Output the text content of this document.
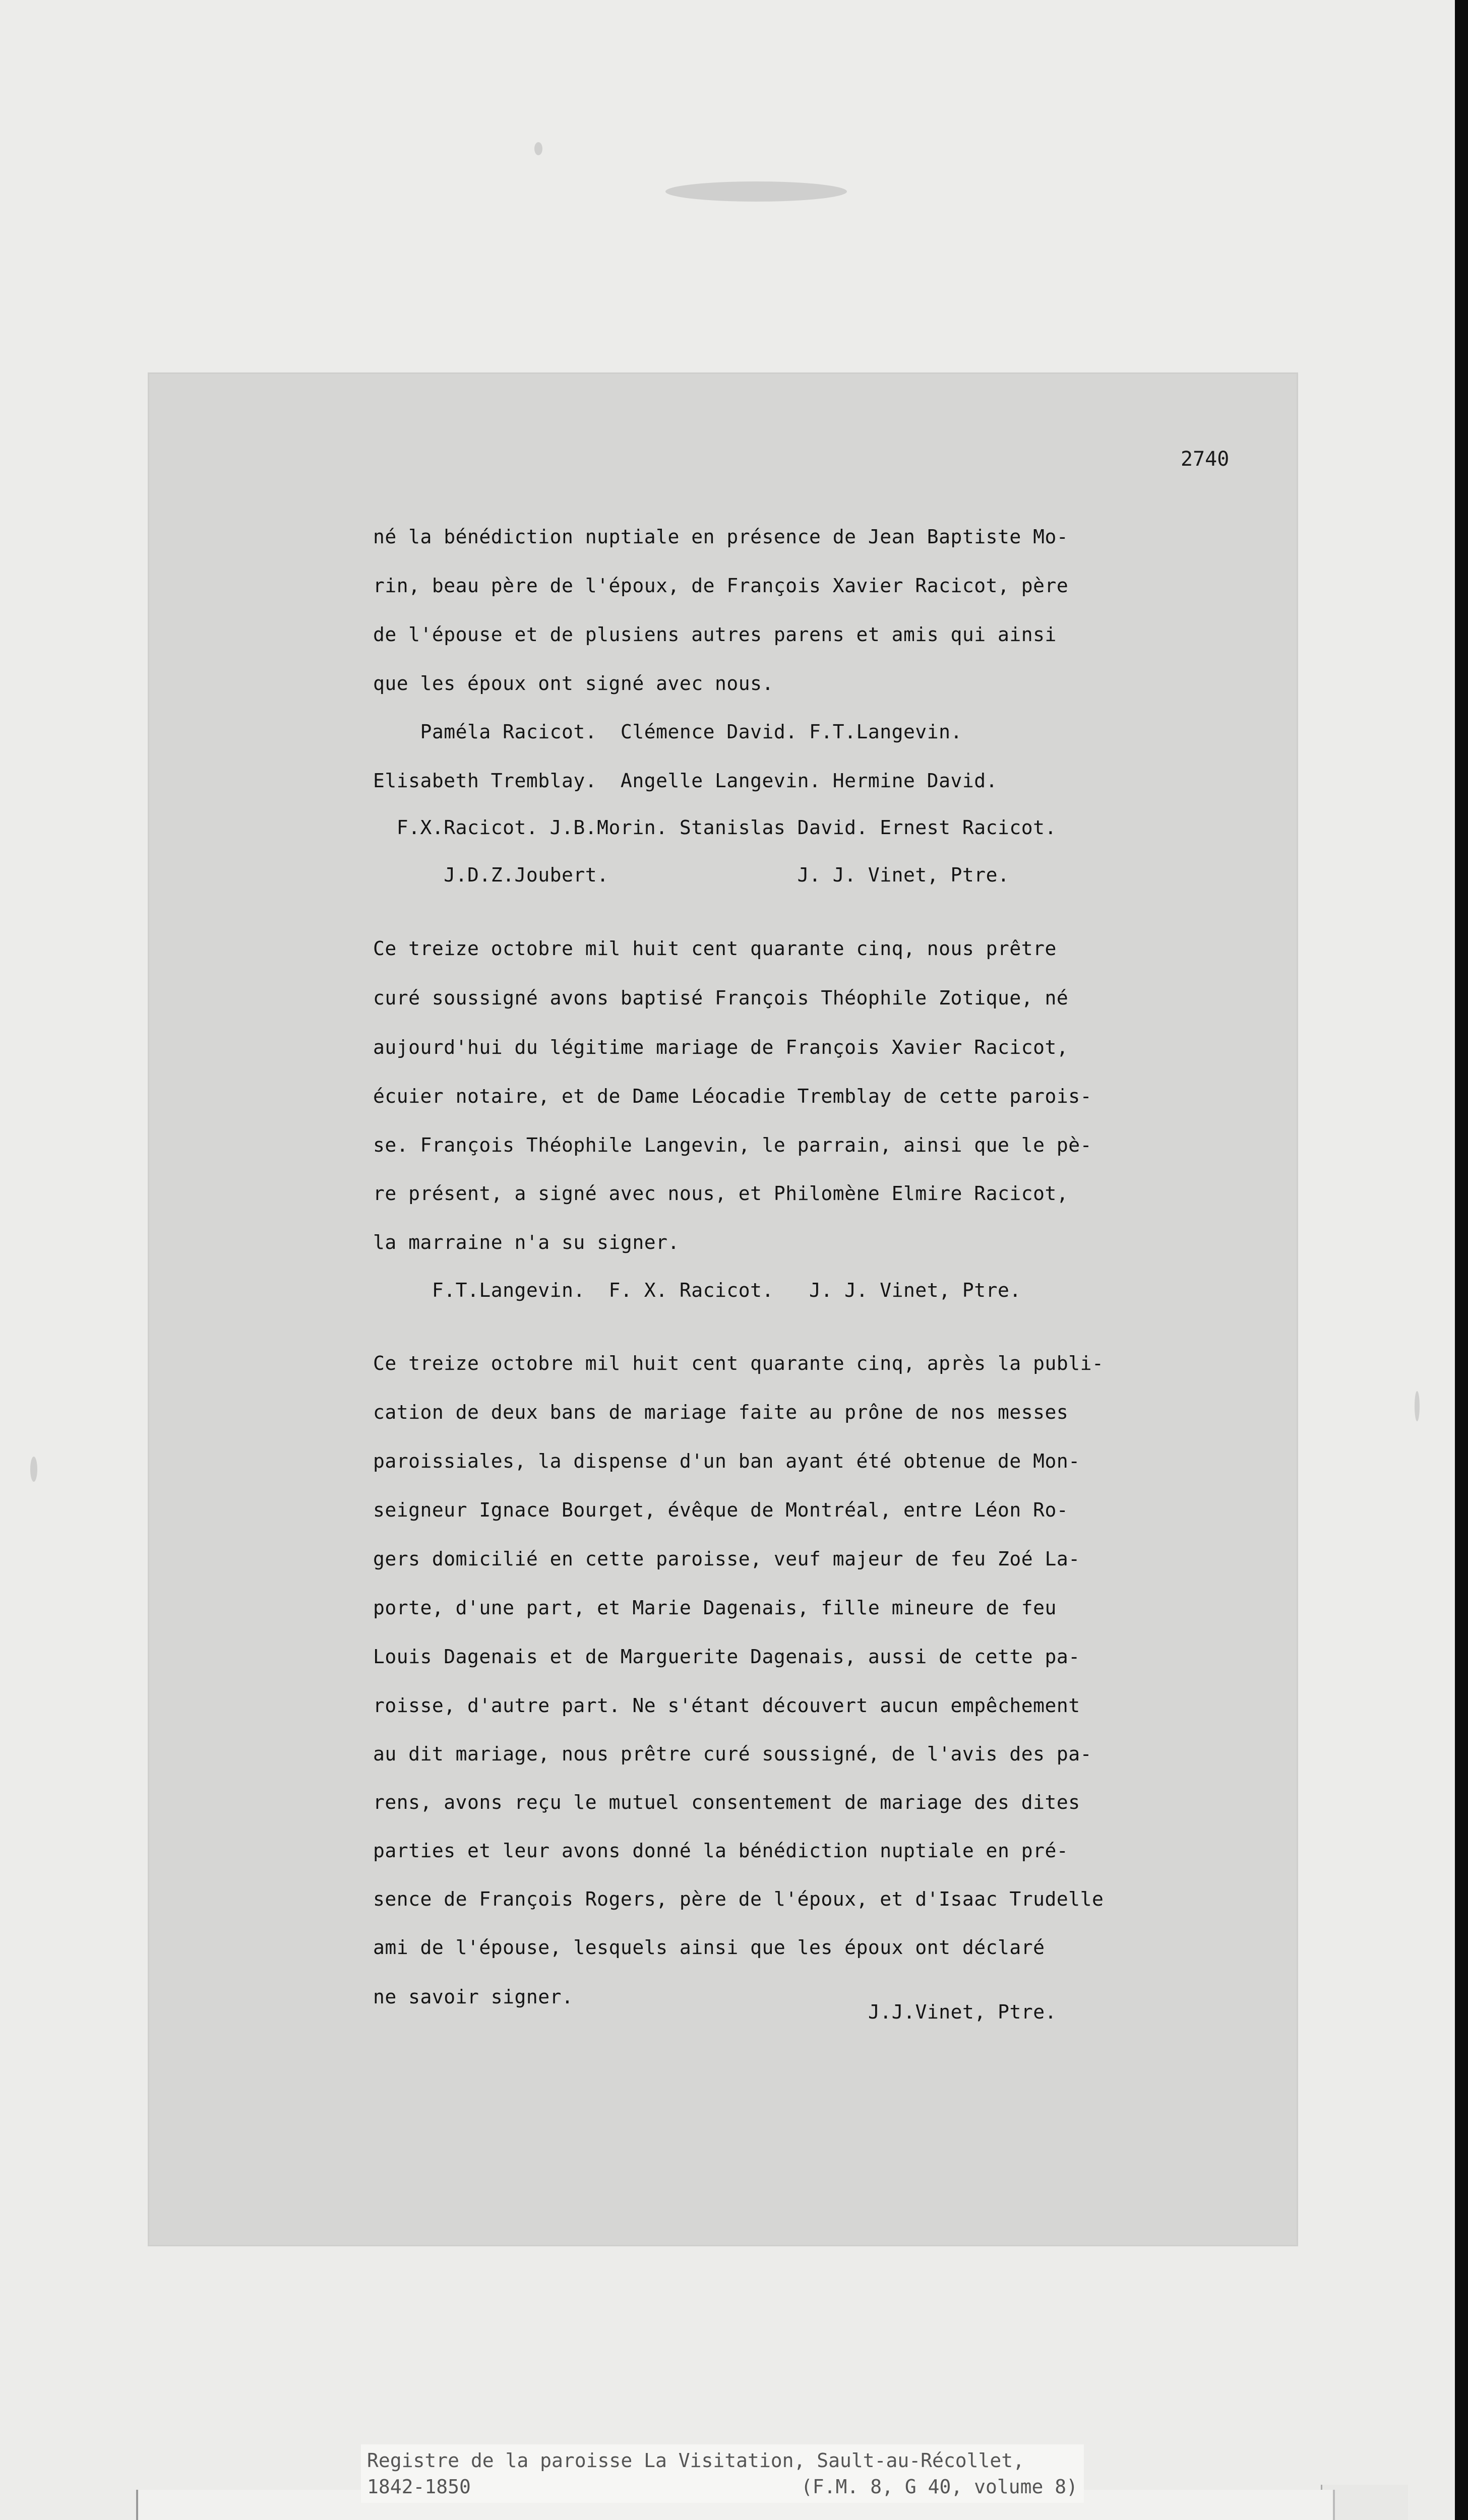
2740

né la bénédiction nuptiale en présence de Jean Baptiste Mo-

rin, beau père de l'époux, de François Xavier Racicot, père

de l'épouse et de plusiens autres parens et amis qui ainsi

que les époux ont signé avec nous.

Paméla Racicot.  Clémence David. F.T.Langevin.

Elisabeth Tremblay.  Angelle Langevin. Hermine David.

F.X.Racicot. J.B.Morin. Stanislas David. Ernest Racicot.

J.D.Z.Joubert.                J. J. Vinet, Ptre.

Ce treize octobre mil huit cent quarante cinq, nous prêtre

curé soussigné avons baptisé François Théophile Zotique, né

aujourd'hui du légitime mariage de François Xavier Racicot,

écuier notaire, et de Dame Léocadie Tremblay de cette parois-

se. François Théophile Langevin, le parrain, ainsi que le pè-

re présent, a signé avec nous, et Philomène Elmire Racicot,

la marraine n'a su signer.

F.T.Langevin.  F. X. Racicot.   J. J. Vinet, Ptre.

Ce treize octobre mil huit cent quarante cinq, après la publi-

cation de deux bans de mariage faite au prône de nos messes

paroissiales, la dispense d'un ban ayant été obtenue de Mon-

seigneur Ignace Bourget, évêque de Montréal, entre Léon Ro-

gers domicilié en cette paroisse, veuf majeur de feu Zoé La-

porte, d'une part, et Marie Dagenais, fille mineure de feu

Louis Dagenais et de Marguerite Dagenais, aussi de cette pa-

roisse, d'autre part. Ne s'étant découvert aucun empêchement

au dit mariage, nous prêtre curé soussigné, de l'avis des pa-

rens, avons reçu le mutuel consentement de mariage des dites

parties et leur avons donné la bénédiction nuptiale en pré-

sence de François Rogers, père de l'époux, et d'Isaac Trudelle

ami de l'épouse, lesquels ainsi que les époux ont déclaré

ne savoir signer.

J.J.Vinet, Ptre.

Registre de la paroisse La Visitation, Sault-au-Récollet,
1842-1850	(F.M. 8, G 40, volume 8)
